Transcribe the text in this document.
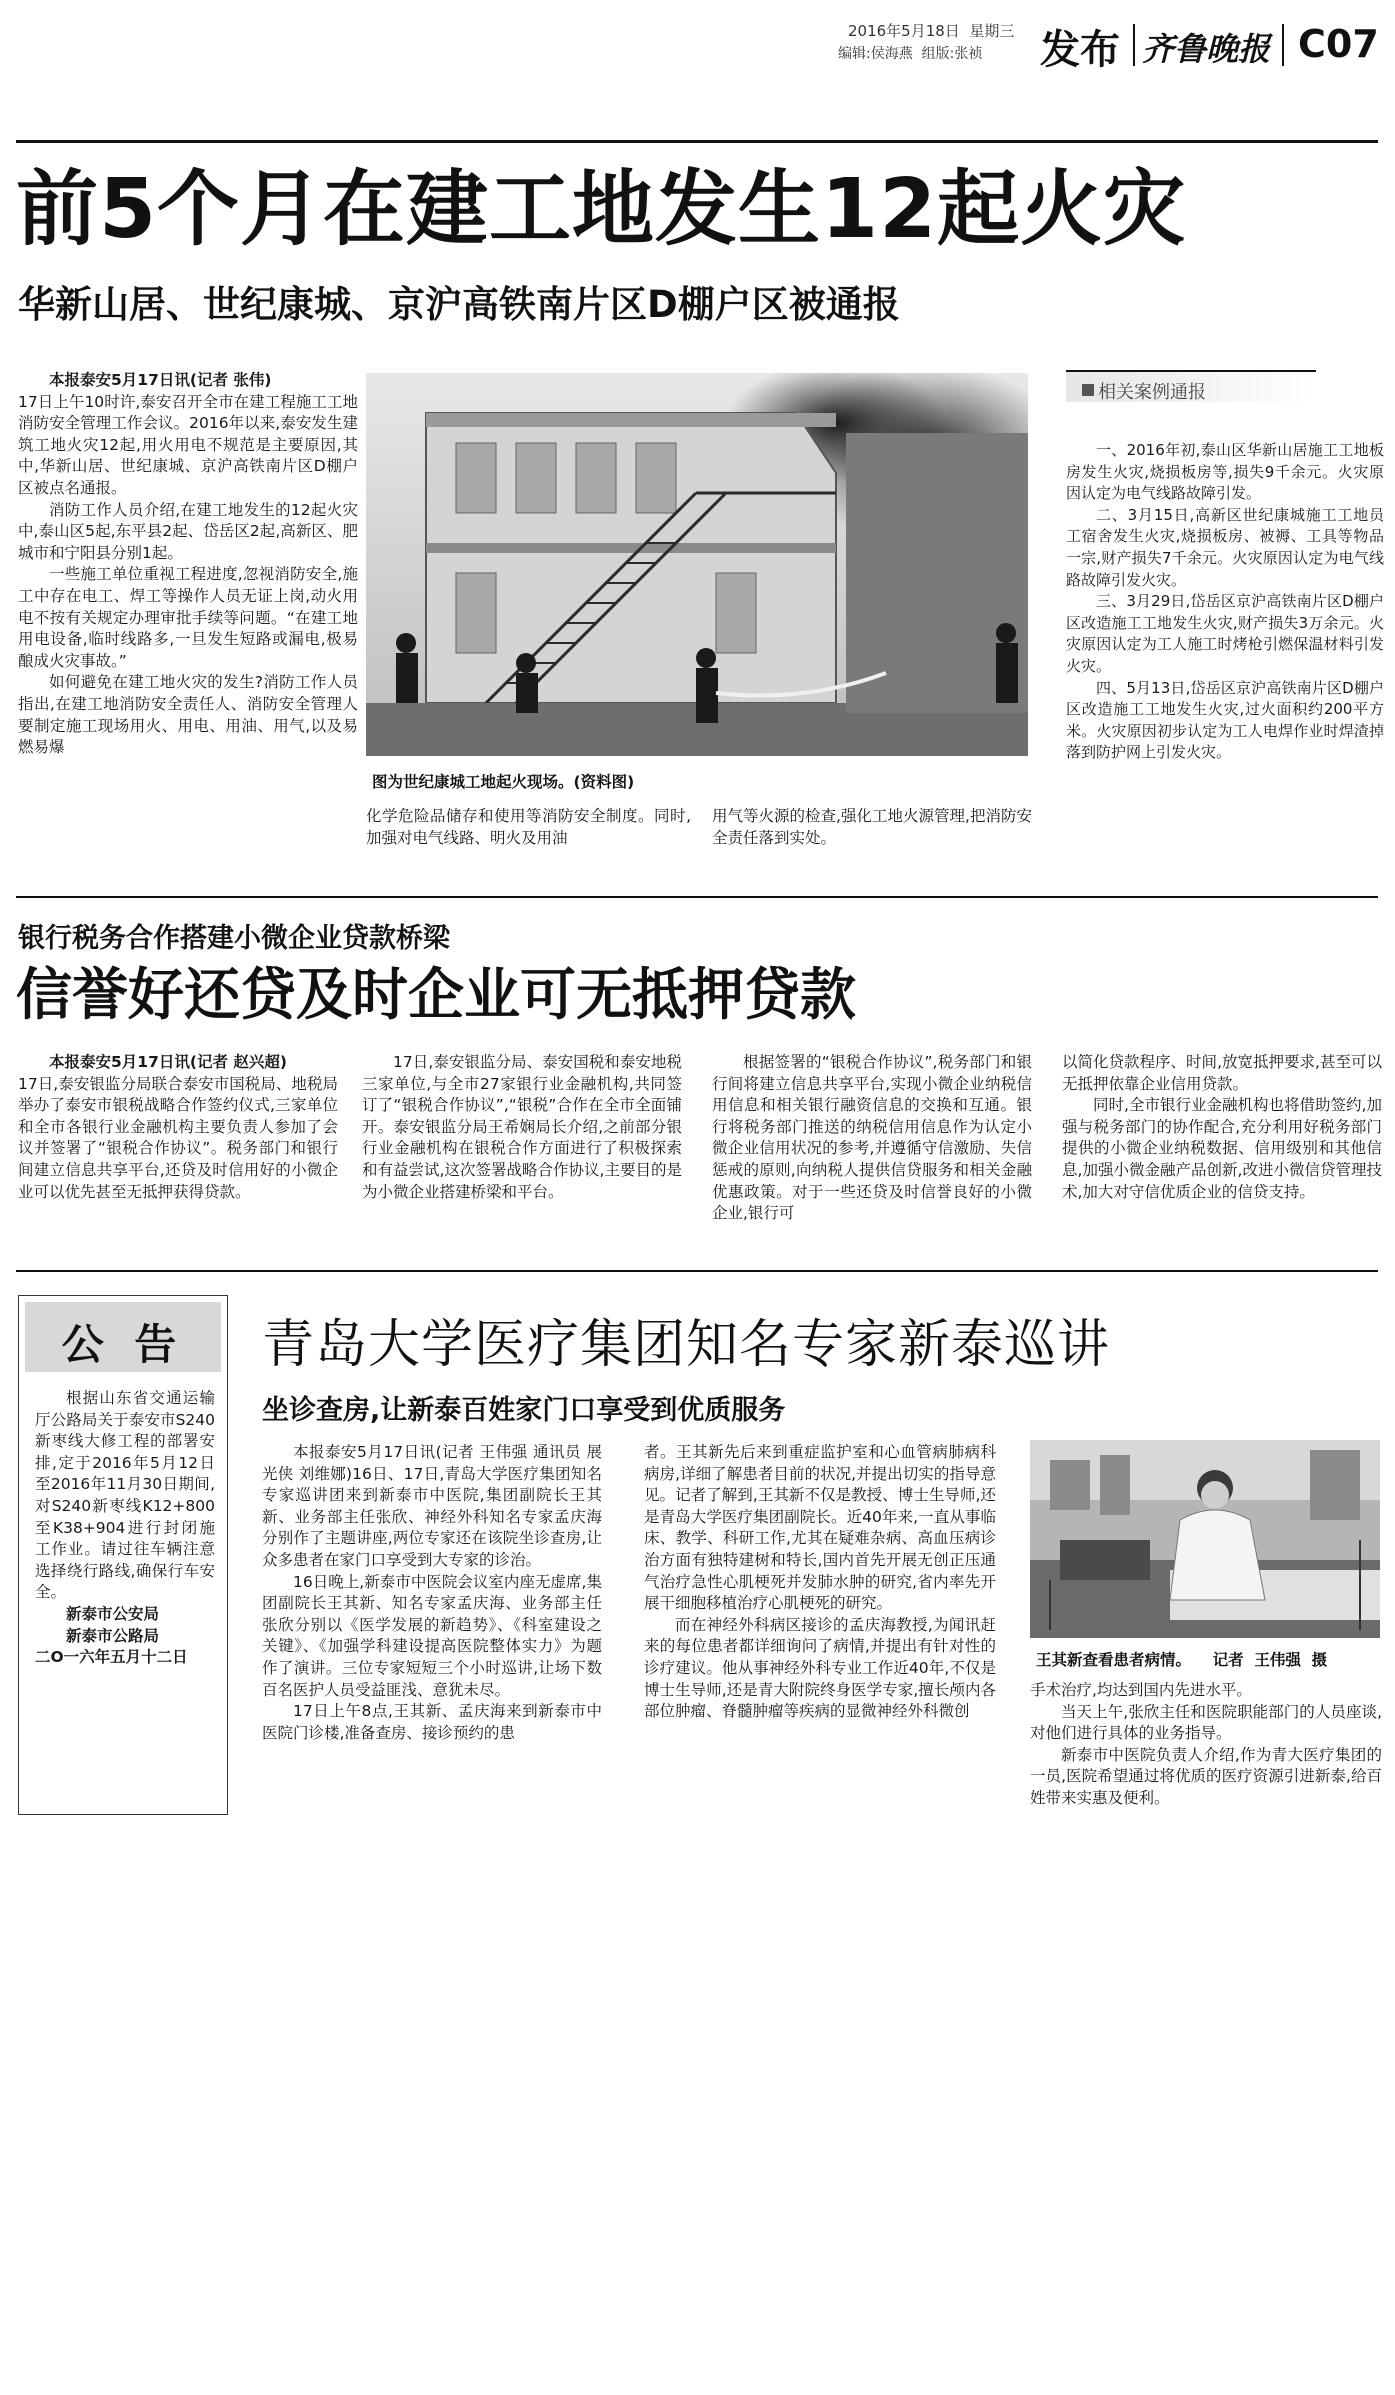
2016年5月18日 星期三
编辑:侯海燕  组版:张祯 发布 齐鲁晚报 C07
前5个月在建工地发生12起火灾
华新山居、世纪康城、京沪高铁南片区D棚户区被通报

本报泰安5月17日讯(记者 张伟)

17日上午10时许,泰安召开全市在建工程施工工地消防安全管理工作会议。2016年以来,泰安发生建筑工地火灾12起,用火用电不规范是主要原因,其中,华新山居、世纪康城、京沪高铁南片区D棚户区被点名通报。

消防工作人员介绍,在建工地发生的12起火灾中,泰山区5起,东平县2起、岱岳区2起,高新区、肥城市和宁阳县分别1起。

一些施工单位重视工程进度,忽视消防安全,施工中存在电工、焊工等操作人员无证上岗,动火用电不按有关规定办理审批手续等问题。“在建工地用电设备,临时线路多,一旦发生短路或漏电,极易酿成火灾事故。”

如何避免在建工地火灾的发生?消防工作人员指出,在建工地消防安全责任人、消防安全管理人要制定施工现场用火、用电、用油、用气,以及易燃易爆

图为世纪康城工地起火现场。(资料图)

化学危险品储存和使用等消防安全制度。同时,加强对电气线路、明火及用油

用气等火源的检查,强化工地火源管理,把消防安全责任落到实处。

相关案例通报

一、2016年初,泰山区华新山居施工工地板房发生火灾,烧损板房等,损失9千余元。火灾原因认定为电气线路故障引发。

二、3月15日,高新区世纪康城施工工地员工宿舍发生火灾,烧损板房、被褥、工具等物品一宗,财产损失7千余元。火灾原因认定为电气线路故障引发火灾。

三、3月29日,岱岳区京沪高铁南片区D棚户区改造施工工地发生火灾,财产损失3万余元。火灾原因认定为工人施工时烤枪引燃保温材料引发火灾。

四、5月13日,岱岳区京沪高铁南片区D棚户区改造施工工地发生火灾,过火面积约200平方米。火灾原因初步认定为工人电焊作业时焊渣掉落到防护网上引发火灾。

银行税务合作搭建小微企业贷款桥梁
信誉好还贷及时企业可无抵押贷款

本报泰安5月17日讯(记者 赵兴超)

17日,泰安银监分局联合泰安市国税局、地税局举办了泰安市银税战略合作签约仪式,三家单位和全市各银行业金融机构主要负责人参加了会议并签署了“银税合作协议”。税务部门和银行间建立信息共享平台,还贷及时信用好的小微企业可以优先甚至无抵押获得贷款。

17日,泰安银监分局、泰安国税和泰安地税三家单位,与全市27家银行业金融机构,共同签订了“银税合作协议”,“银税”合作在全市全面铺开。泰安银监分局王希娴局长介绍,之前部分银行业金融机构在银税合作方面进行了积极探索和有益尝试,这次签署战略合作协议,主要目的是为小微企业搭建桥梁和平台。

根据签署的“银税合作协议”,税务部门和银行间将建立信息共享平台,实现小微企业纳税信用信息和相关银行融资信息的交换和互通。银行将税务部门推送的纳税信用信息作为认定小微企业信用状况的参考,并遵循守信激励、失信惩戒的原则,向纳税人提供信贷服务和相关金融优惠政策。对于一些还贷及时信誉良好的小微企业,银行可

以简化贷款程序、时间,放宽抵押要求,甚至可以无抵押依靠企业信用贷款。

同时,全市银行业金融机构也将借助签约,加强与税务部门的协作配合,充分利用好税务部门提供的小微企业纳税数据、信用级别和其他信息,加强小微金融产品创新,改进小微信贷管理技术,加大对守信优质企业的信贷支持。

公 告

根据山东省交通运输厅公路局关于泰安市S240新枣线大修工程的部署安排,定于2016年5月12日至2016年11月30日期间,对S240新枣线K12+800至K38+904进行封闭施工作业。请过往车辆注意选择绕行路线,确保行车安全。

新泰市公安局

新泰市公路局

二O一六年五月十二日

青岛大学医疗集团知名专家新泰巡讲
坐诊查房,让新泰百姓家门口享受到优质服务

本报泰安5月17日讯(记者 王伟强 通讯员 展光侠 刘维娜)16日、17日,青岛大学医疗集团知名专家巡讲团来到新泰市中医院,集团副院长王其新、业务部主任张欣、神经外科知名专家孟庆海分别作了主题讲座,两位专家还在该院坐诊查房,让众多患者在家门口享受到大专家的诊治。

16日晚上,新泰市中医院会议室内座无虚席,集团副院长王其新、知名专家孟庆海、业务部主任张欣分别以《医学发展的新趋势》、《科室建设之关键》、《加强学科建设提高医院整体实力》为题作了演讲。三位专家短短三个小时巡讲,让场下数百名医护人员受益匪浅、意犹未尽。

17日上午8点,王其新、孟庆海来到新泰市中医院门诊楼,准备查房、接诊预约的患

者。王其新先后来到重症监护室和心血管病肺病科病房,详细了解患者目前的状况,并提出切实的指导意见。记者了解到,王其新不仅是教授、博士生导师,还是青岛大学医疗集团副院长。近40年来,一直从事临床、教学、科研工作,尤其在疑难杂病、高血压病诊治方面有独特建树和特长,国内首先开展无创正压通气治疗急性心肌梗死并发肺水肿的研究,省内率先开展干细胞移植治疗心肌梗死的研究。

而在神经外科病区接诊的孟庆海教授,为闻讯赶来的每位患者都详细询问了病情,并提出有针对性的诊疗建议。他从事神经外科专业工作近40年,不仅是博士生导师,还是青大附院终身医学专家,擅长颅内各部位肿瘤、脊髓肿瘤等疾病的显微神经外科微创

王其新查看患者病情。    记者  王伟强  摄

手术治疗,均达到国内先进水平。

当天上午,张欣主任和医院职能部门的人员座谈,对他们进行具体的业务指导。

新泰市中医院负责人介绍,作为青大医疗集团的一员,医院希望通过将优质的医疗资源引进新泰,给百姓带来实惠及便利。
